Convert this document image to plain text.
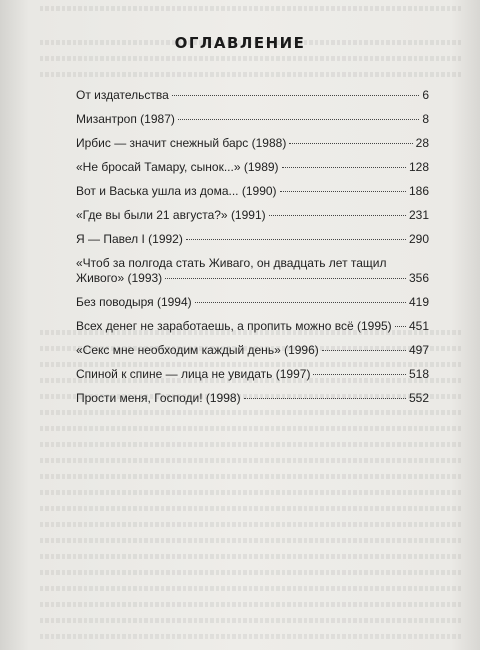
ОГЛАВЛЕНИЕ
От издательства	6
Мизантроп (1987)	8
Ирбис — значит снежный барс (1988)	28
«Не бросай Тамару, сынок...» (1989)	128
Вот и Васька ушла из дома... (1990)	186
«Где вы были 21 августа?» (1991)	231
Я — Павел I (1992)	290
«Чтоб за полгода стать Живаго, он двадцать лет тащил
Живого» (1993)	356
Без поводыря (1994)	419
Всех денег не заработаешь, а пропить можно всё (1995) 451
«Секс мне необходим каждый день» (1996)	497
Спиной к спине — лица не увидать (1997)	518
Прости меня, Господи! (1998)	552
